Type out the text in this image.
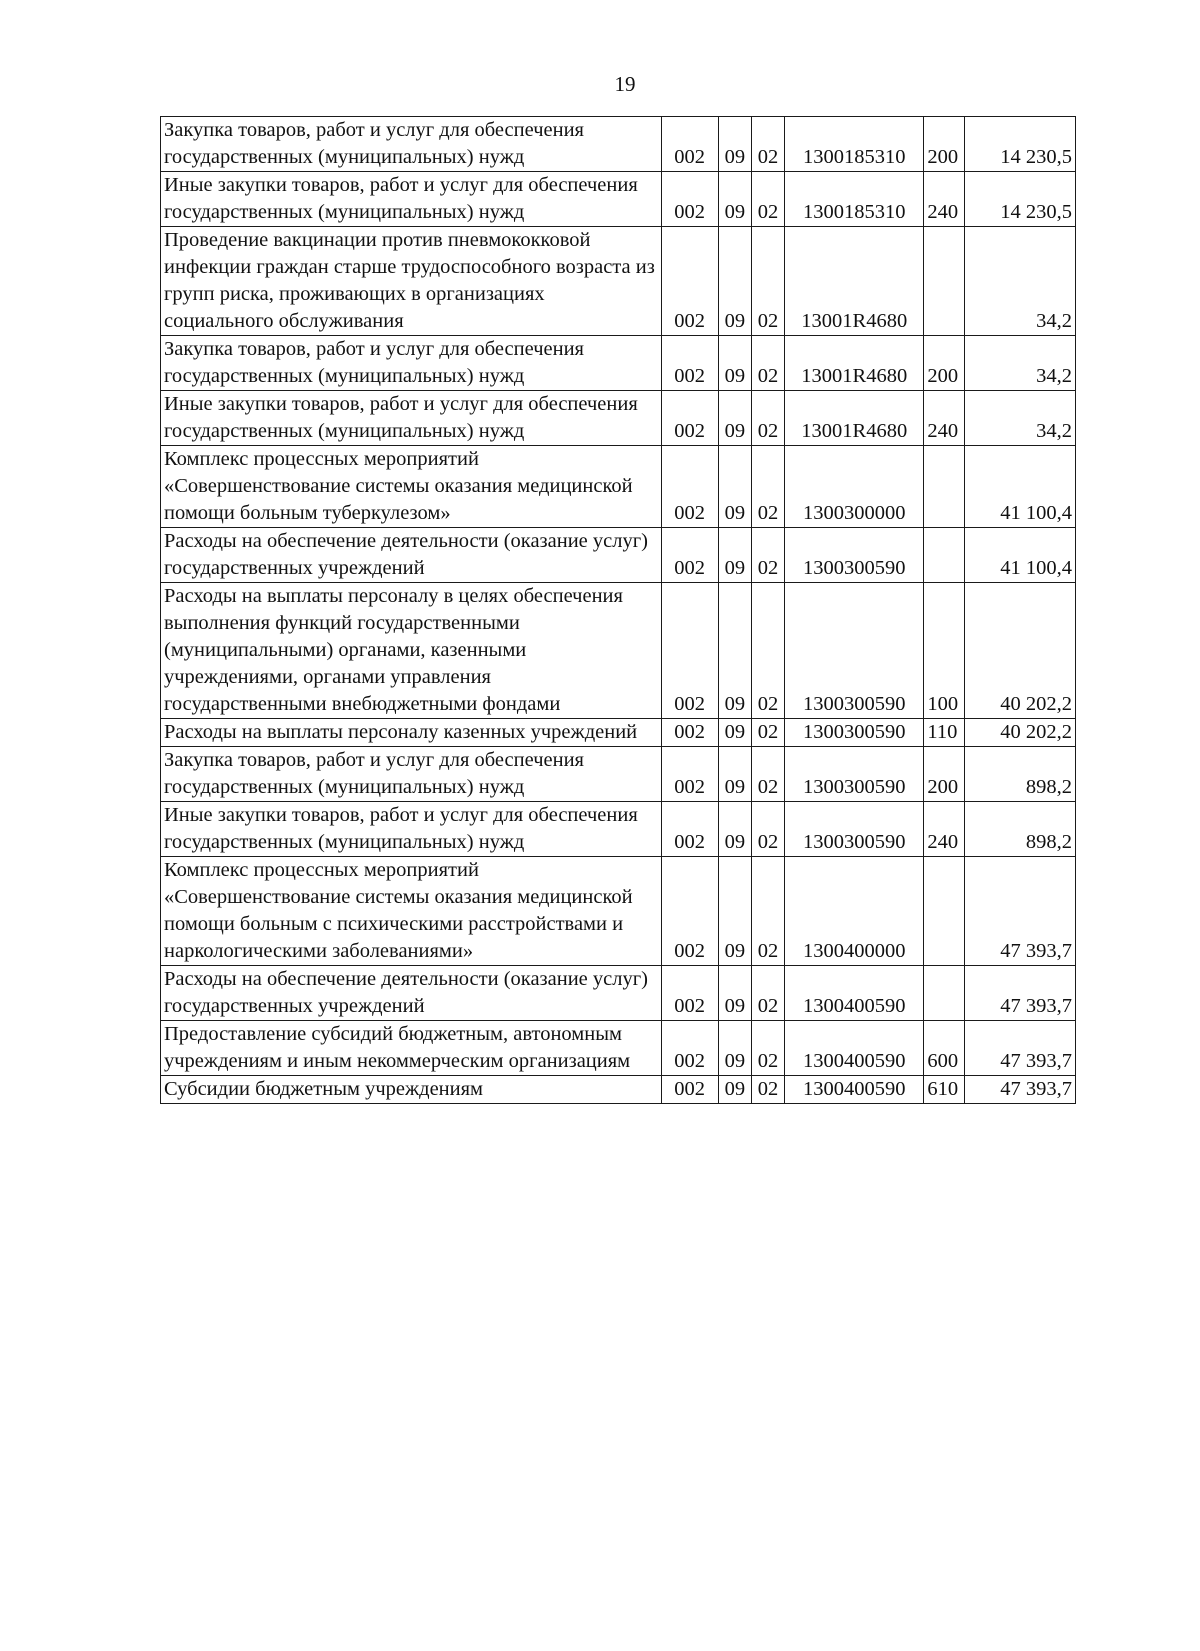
19
Закупка товаров, работ и услуг для обеспечения государственных (муниципальных) нужд	002	09	02	1300185310	200	14 230,5
Иные закупки товаров, работ и услуг для обеспечения государственных (муниципальных) нужд	002	09	02	1300185310	240	14 230,5
Проведение вакцинации против пневмококковой инфекции граждан старше трудоспособного возраста из групп риска, проживающих в организациях социального обслуживания	002	09	02	13001R4680		34,2
Закупка товаров, работ и услуг для обеспечения государственных (муниципальных) нужд	002	09	02	13001R4680	200	34,2
Иные закупки товаров, работ и услуг для обеспечения государственных (муниципальных) нужд	002	09	02	13001R4680	240	34,2
Комплекс процессных мероприятий «Совершенствование системы оказания медицинской помощи больным туберкулезом»	002	09	02	1300300000		41 100,4
Расходы на обеспечение деятельности (оказание услуг) государственных учреждений	002	09	02	1300300590		41 100,4
Расходы на выплаты персоналу в целях обеспечения выполнения функций государственными (муниципальными) органами, казенными учреждениями, органами управления государственными внебюджетными фондами	002	09	02	1300300590	100	40 202,2
Расходы на выплаты персоналу казенных учреждений	002	09	02	1300300590	110	40 202,2
Закупка товаров, работ и услуг для обеспечения государственных (муниципальных) нужд	002	09	02	1300300590	200	898,2
Иные закупки товаров, работ и услуг для обеспечения государственных (муниципальных) нужд	002	09	02	1300300590	240	898,2
Комплекс процессных мероприятий «Совершенствование системы оказания медицинской помощи больным с психическими расстройствами и наркологическими заболеваниями»	002	09	02	1300400000		47 393,7
Расходы на обеспечение деятельности (оказание услуг) государственных учреждений	002	09	02	1300400590		47 393,7
Предоставление субсидий бюджетным, автономным учреждениям и иным некоммерческим организациям	002	09	02	1300400590	600	47 393,7
Субсидии бюджетным учреждениям	002	09	02	1300400590	610	47 393,7
